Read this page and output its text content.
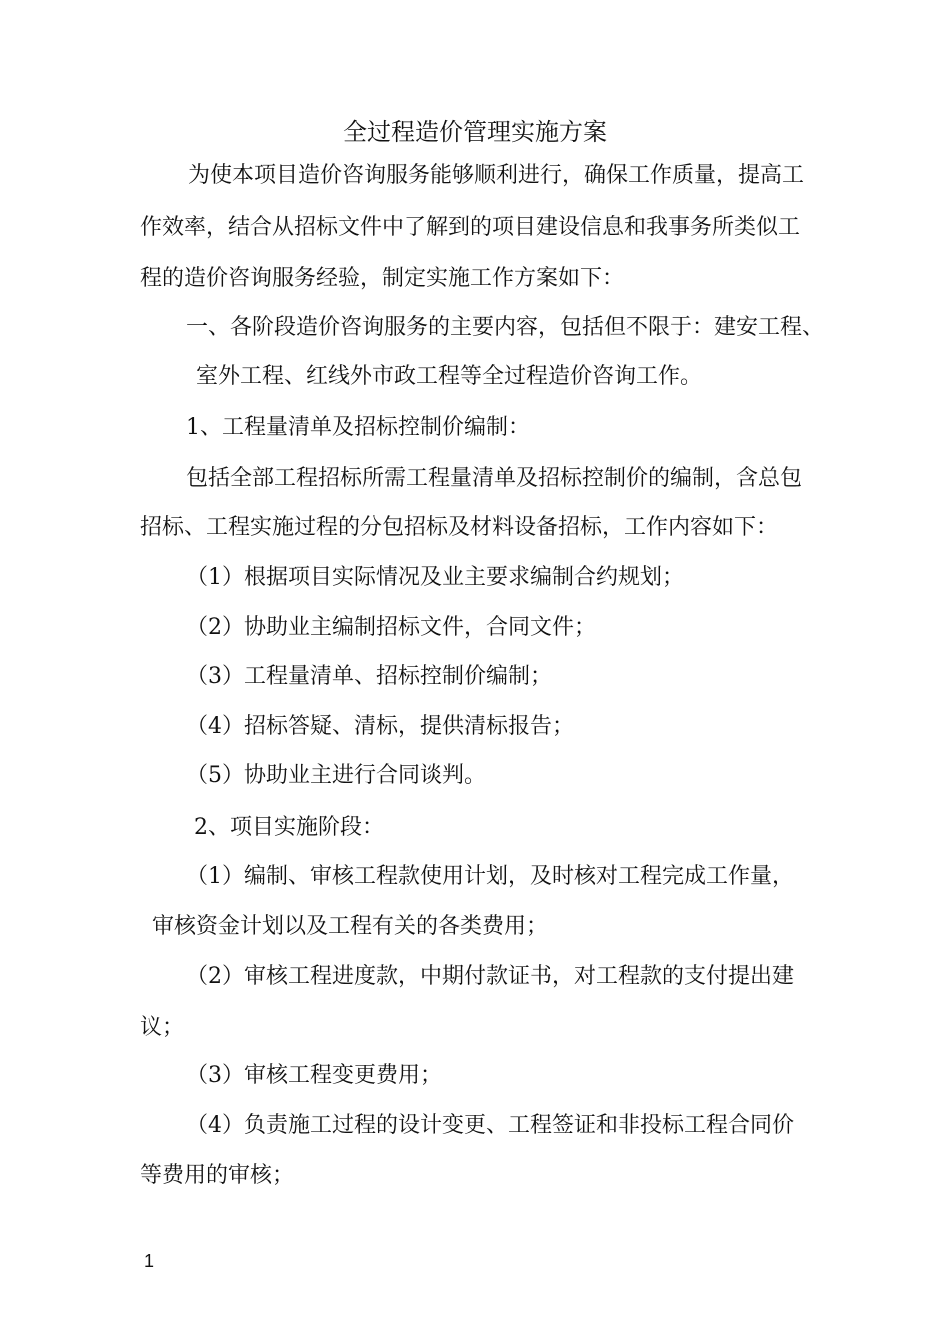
全过程造价管理实施方案
为使本项目造价咨询服务能够顺利进行，确保工作质量，提高工
作效率，结合从招标文件中了解到的项目建设信息和我事务所类似工
程的造价咨询服务经验，制定实施工作方案如下：
一、各阶段造价咨询服务的主要内容，包括但不限于：建安工程、
室外工程、红线外市政工程等全过程造价咨询工作。
1、工程量清单及招标控制价编制：
包括全部工程招标所需工程量清单及招标控制价的编制，含总包
招标、工程实施过程的分包招标及材料设备招标，工作内容如下：
（1）根据项目实际情况及业主要求编制合约规划；
（2）协助业主编制招标文件，合同文件；
（3）工程量清单、招标控制价编制；
（4）招标答疑、清标，提供清标报告；
（5）协助业主进行合同谈判。
2、项目实施阶段：
（1）编制、审核工程款使用计划，及时核对工程完成工作量，
审核资金计划以及工程有关的各类费用；
（2）审核工程进度款，中期付款证书，对工程款的支付提出建
议；
（3）审核工程变更费用；
（4）负责施工过程的设计变更、工程签证和非投标工程合同价
等费用的审核；
1
